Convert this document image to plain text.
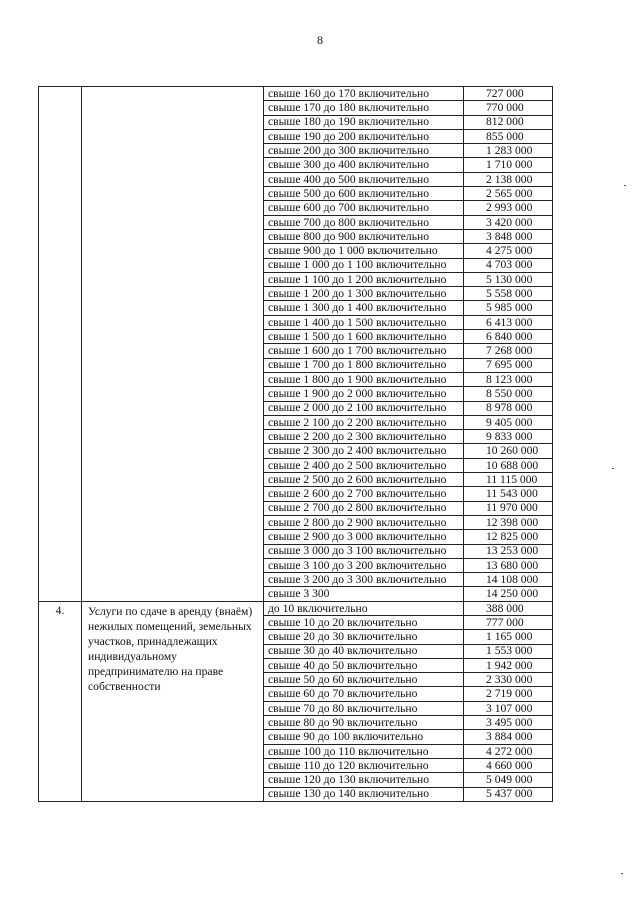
8
		свыше 160 до 170 включительно	727 000
		свыше 170 до 180 включительно	770 000
		свыше 180 до 190 включительно	812 000
		свыше 190 до 200 включительно	855 000
		свыше 200 до 300 включительно	1 283 000
		свыше 300 до 400 включительно	1 710 000
		свыше 400 до 500 включительно	2 138 000
		свыше 500 до 600 включительно	2 565 000
		свыше 600 до 700 включительно	2 993 000
		свыше 700 до 800 включительно	3 420 000
		свыше 800 до 900 включительно	3 848 000
		свыше 900 до 1 000 включительно	4 275 000
		свыше 1 000 до 1 100 включительно	4 703 000
		свыше 1 100 до 1 200 включительно	5 130 000
		свыше 1 200 до 1 300 включительно	5 558 000
		свыше 1 300 до 1 400 включительно	5 985 000
		свыше 1 400 до 1 500 включительно	6 413 000
		свыше 1 500 до 1 600 включительно	6 840 000
		свыше 1 600 до 1 700 включительно	7 268 000
		свыше 1 700 до 1 800 включительно	7 695 000
		свыше 1 800 до 1 900 включительно	8 123 000
		свыше 1 900 до 2 000 включительно	8 550 000
		свыше 2 000 до 2 100 включительно	8 978 000
		свыше 2 100 до 2 200 включительно	9 405 000
		свыше 2 200 до 2 300 включительно	9 833 000
		свыше 2 300 до 2 400 включительно	10 260 000
		свыше 2 400 до 2 500 включительно	10 688 000
		свыше 2 500 до 2 600 включительно	11 115 000
		свыше 2 600 до 2 700 включительно	11 543 000
		свыше 2 700 до 2 800 включительно	11 970 000
		свыше 2 800 до 2 900 включительно	12 398 000
		свыше 2 900 до 3 000 включительно	12 825 000
		свыше 3 000 до 3 100 включительно	13 253 000
		свыше 3 100 до 3 200 включительно	13 680 000
		свыше 3 200 до 3 300 включительно	14 108 000
		свыше 3 300	14 250 000
4.	Услуги по сдаче в аренду (внаём) нежилых помещений, земельных участков, принадлежащих индивидуальному предпринимателю на праве собственности	до 10 включительно	388 000
		свыше 10 до 20 включительно	777 000
		свыше 20 до 30 включительно	1 165 000
		свыше 30 до 40 включительно	1 553 000
		свыше 40 до 50 включительно	1 942 000
		свыше 50 до 60 включительно	2 330 000
		свыше 60 до 70 включительно	2 719 000
		свыше 70 до 80 включительно	3 107 000
		свыше 80 до 90 включительно	3 495 000
		свыше 90 до 100 включительно	3 884 000
		свыше 100 до 110 включительно	4 272 000
		свыше 110 до 120 включительно	4 660 000
		свыше 120 до 130 включительно	5 049 000
		свыше 130 до 140 включительно	5 437 000
